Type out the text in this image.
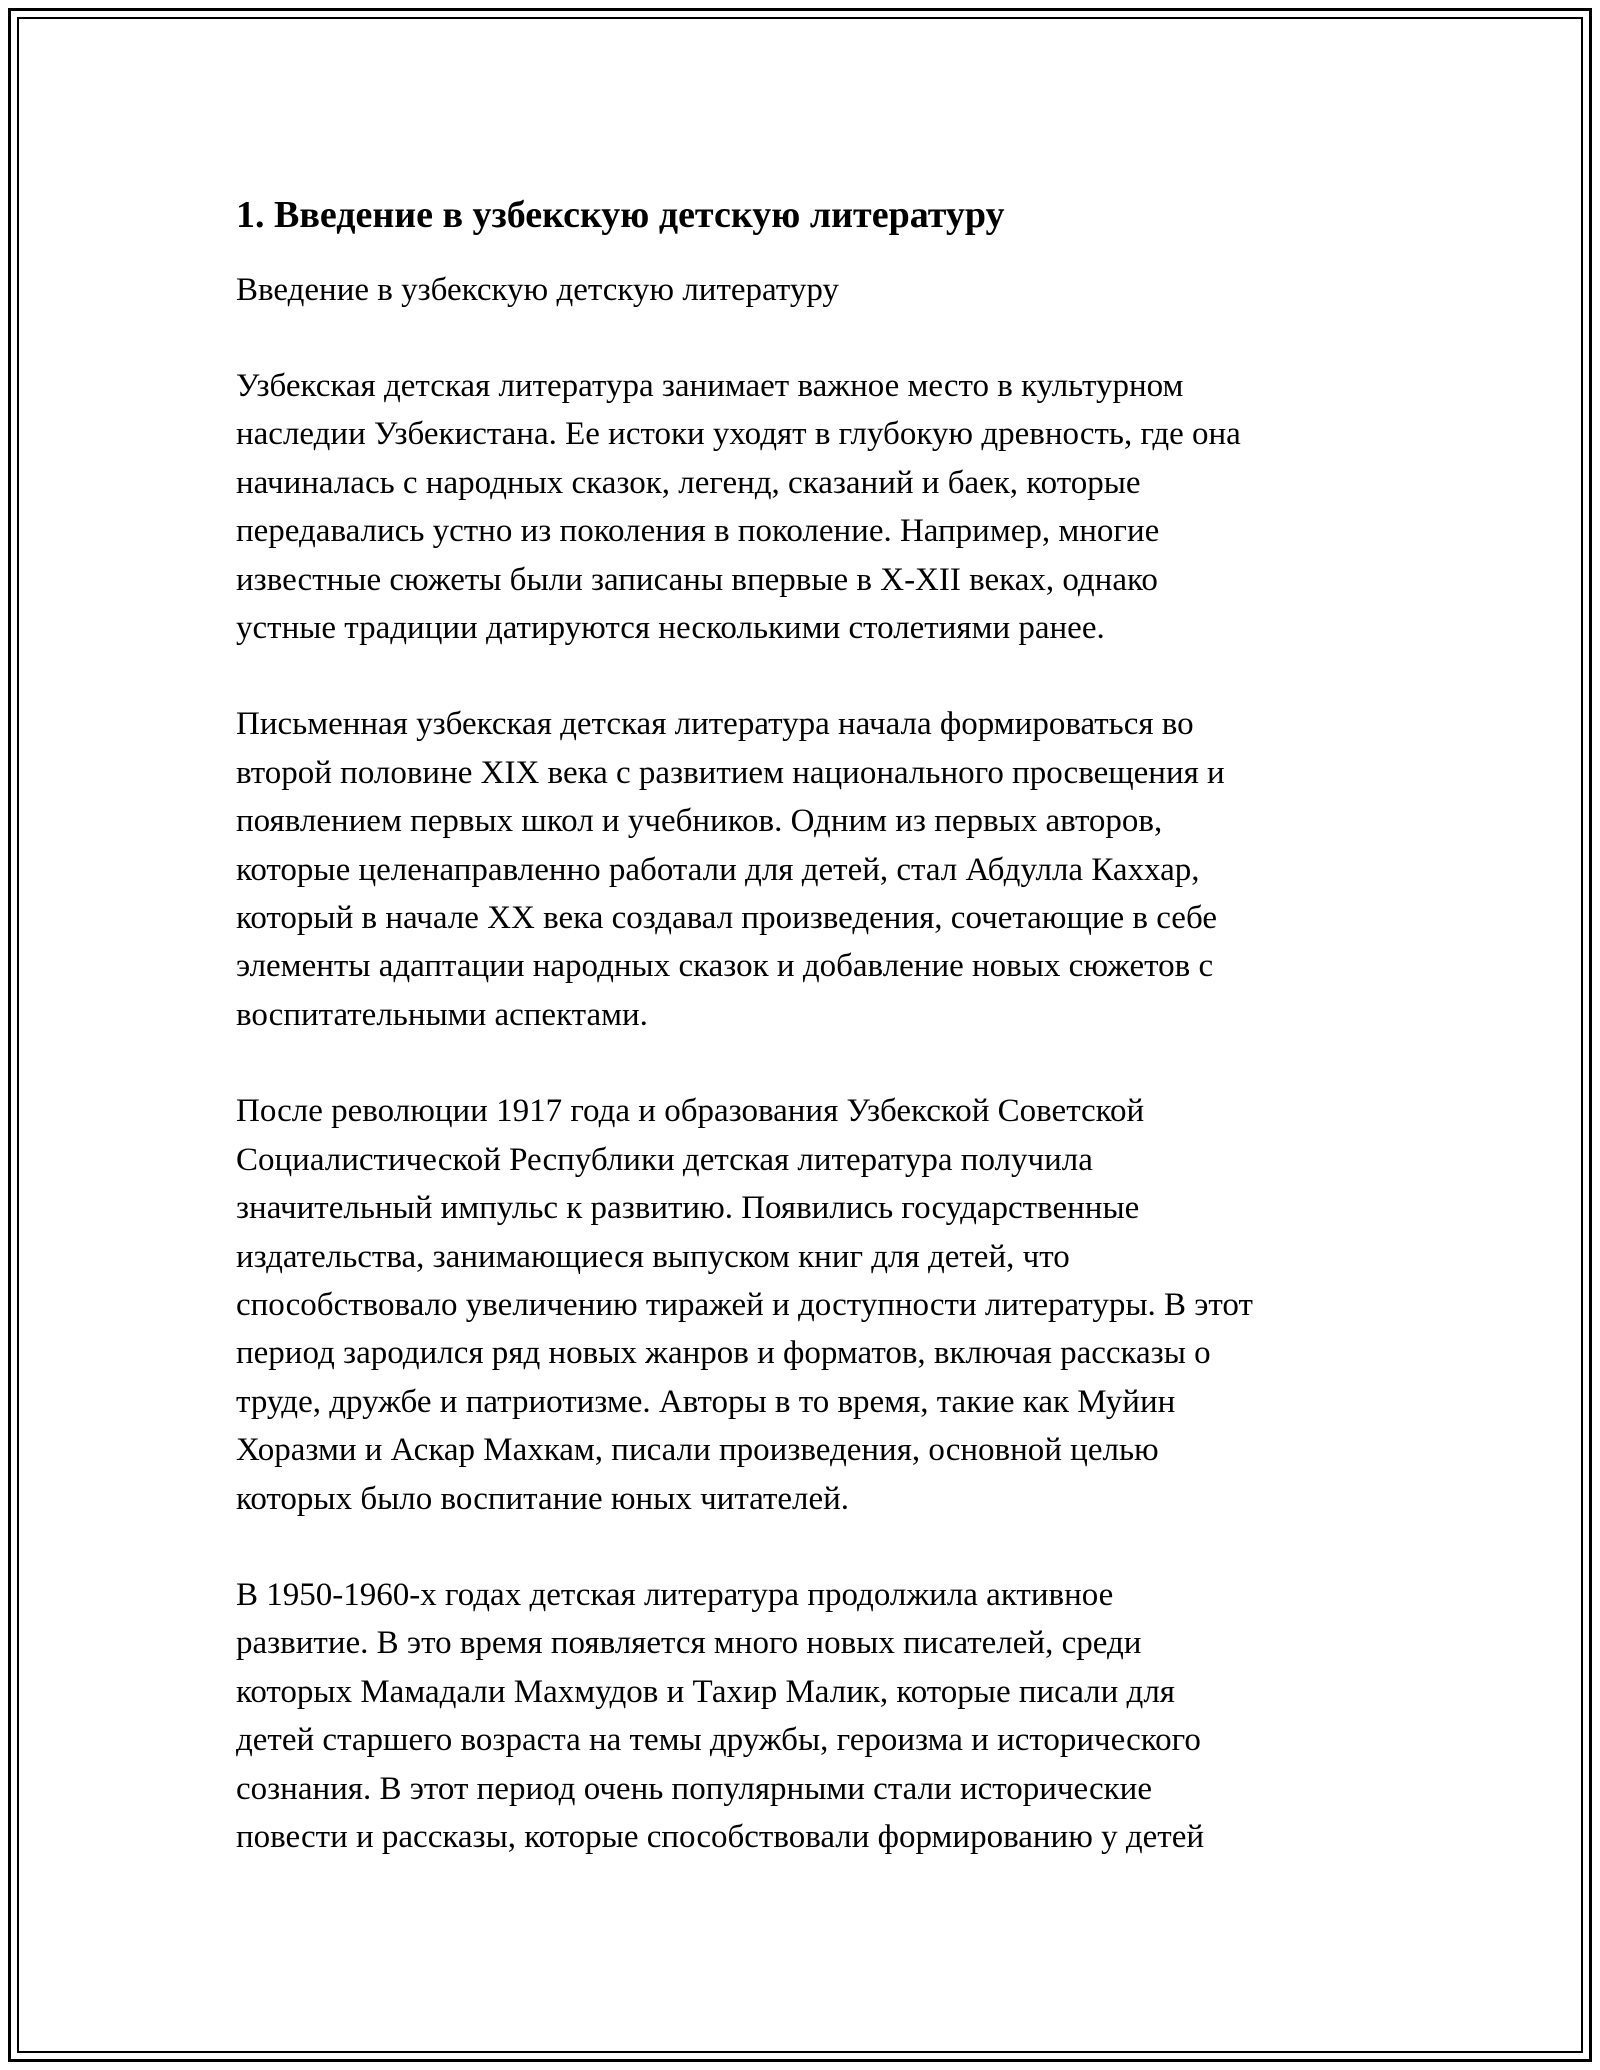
1. Введение в узбекскую детскую литературу

Введение в узбекскую детскую литературу

Узбекская детская литература занимает важное место в культурном
наследии Узбекистана. Ее истоки уходят в глубокую древность, где она
начиналась с народных сказок, легенд, сказаний и баек, которые
передавались устно из поколения в поколение. Например, многие
известные сюжеты были записаны впервые в X-XII веках, однако
устные традиции датируются несколькими столетиями ранее.

Письменная узбекская детская литература начала формироваться во
второй половине XIX века с развитием национального просвещения и
появлением первых школ и учебников. Одним из первых авторов,
которые целенаправленно работали для детей, стал Абдулла Каххар,
который в начале XX века создавал произведения, сочетающие в себе
элементы адаптации народных сказок и добавление новых сюжетов с
воспитательными аспектами.

После революции 1917 года и образования Узбекской Советской
Социалистической Республики детская литература получила
значительный импульс к развитию. Появились государственные
издательства, занимающиеся выпуском книг для детей, что
способствовало увеличению тиражей и доступности литературы. В этот
период зародился ряд новых жанров и форматов, включая рассказы о
труде, дружбе и патриотизме. Авторы в то время, такие как Муйин
Хоразми и Аскар Махкам, писали произведения, основной целью
которых было воспитание юных читателей.

В 1950-1960-х годах детская литература продолжила активное
развитие. В это время появляется много новых писателей, среди
которых Мамадали Махмудов и Тахир Малик, которые писали для
детей старшего возраста на темы дружбы, героизма и исторического
сознания. В этот период очень популярными стали исторические
повести и рассказы, которые способствовали формированию у детей
